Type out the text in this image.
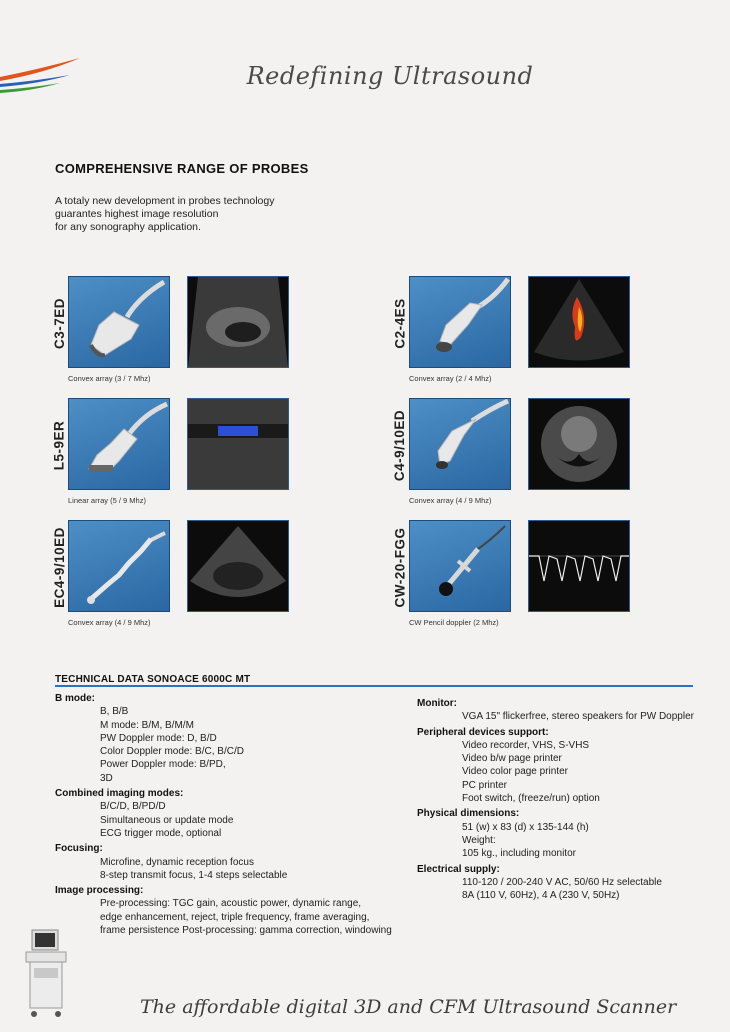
Redefining Ultrasound
COMPREHENSIVE RANGE OF PROBES
A totaly new development in probes technology
guarantes highest image resolution
for any sonography application.
C3-7ED
Convex array (3 / 7 Mhz)
C2-4ES
Convex array (2 / 4 Mhz)
L5-9ER
Linear array (5 / 9 Mhz)
C4-9/10ED
Convex array (4 / 9 Mhz)
EC4-9/10ED
Convex array (4 / 9 Mhz)
CW-20-FGG
CW Pencil doppler (2 Mhz)
TECHNICAL DATA SONOACE 6000C MT
B mode:
B, B/B
M mode: B/M, B/M/M
PW Doppler mode: D, B/D
Color Doppler mode: B/C, B/C/D
Power Doppler mode: B/PD,
3D
Combined imaging modes:
B/C/D, B/PD/D
Simultaneous or update mode
ECG trigger mode, optional
Focusing:
Microfine, dynamic reception focus
8-step transmit focus, 1-4 steps selectable
Image processing:
Pre-processing: TGC gain, acoustic power, dynamic range,
edge enhancement, reject, triple frequency, frame averaging,
frame persistence Post-processing: gamma correction, windowing
Monitor:
VGA 15" flickerfree, stereo speakers for PW Doppler
Peripheral devices support:
Video recorder, VHS, S-VHS
Video b/w page printer
Video color page printer
PC printer
Foot switch, (freeze/run) option
Physical dimensions:
51 (w) x 83 (d) x 135-144 (h)
Weight:
105 kg., including monitor
Electrical supply:
110-120 / 200-240 V AC, 50/60 Hz selectable
8A (110 V, 60Hz), 4 A (230 V, 50Hz)
The affordable digital 3D and CFM Ultrasound Scanner
